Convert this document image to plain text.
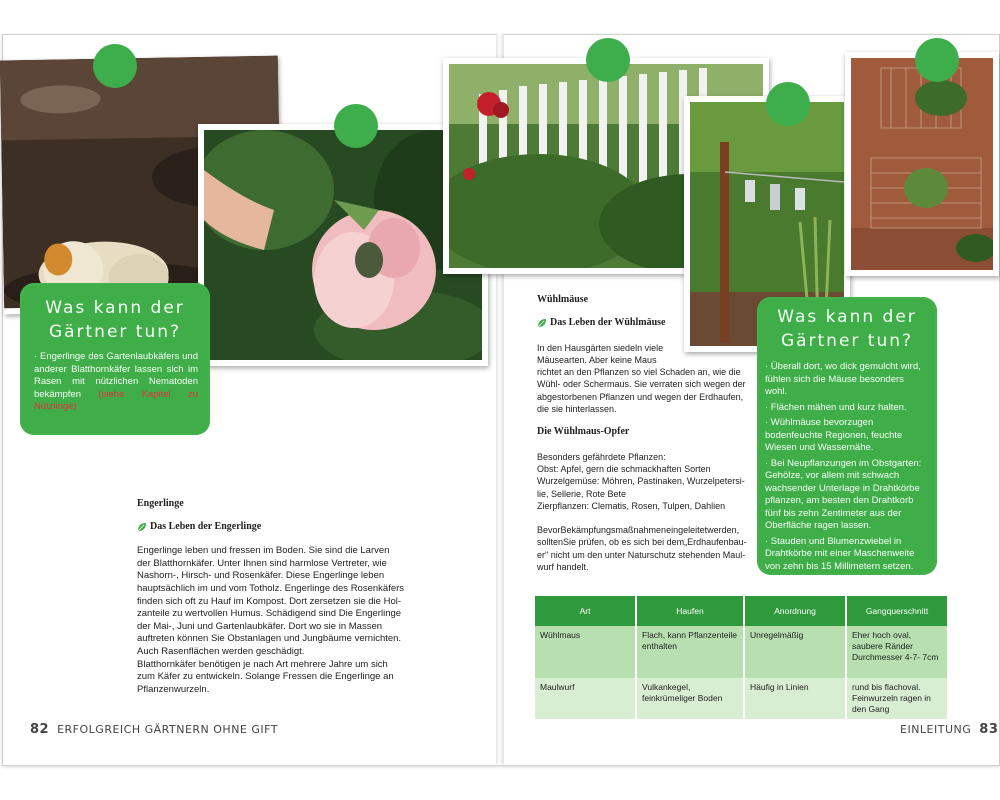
Was kann der
Gärtner tun?
· Engerlinge des Gartenlaubkäfers und anderer Blatthornkäfer lassen sich im Rasen mit nützlichen Nematoden bekämpfen (siehe Kapitel zu Nützlinge)
Engerlinge
Das Leben der Engerlinge
Engerlinge leben und fressen im Boden. Sie sind die Larven
der Blatthornkäfer. Unter Ihnen sind harmlose Vertreter, wie
Nashorn-, Hirsch- und Rosenkäfer. Diese Engerlinge leben
hauptsächlich im und vom Totholz. Engerlinge des Rosenkäfers
finden sich oft zu Hauf im Kompost. Dort zersetzen sie die Hol-
zanteile zu wertvollen Humus. Schädigend sind Die Engerlinge
der Mai-, Juni und Gartenlaubkäfer. Dort wo sie in Massen
auftreten können Sie Obstanlagen und Jungbäume vernichten.
Auch Rasenflächen werden geschädigt.
Blatthornkäfer benötigen je nach Art mehrere Jahre um sich
zum Käfer zu entwickeln. Solange Fressen die Engerlinge an
Pflanzenwurzeln.
82 ERFOLGREICH GÄRTNERN OHNE GIFT
Wühlmäuse
Das Leben der Wühlmäuse
In den Hausgärten siedeln viele
Mäusearten. Aber keine Maus
richtet an den Pflanzen so viel Schaden an, wie die
Wühl- oder Schermaus. Sie verraten sich wegen der
abgestorbenen Pflanzen und wegen der Erdhaufen,
die sie hinterlassen.
Die Wühlmaus-Opfer
Besonders gefährdete Pflanzen:
Obst: Apfel, gern die schmackhaften Sorten
Wurzelgemüse: Möhren, Pastinaken, Wurzelpetersi-
lie, Sellerie, Rote Bete
Zierpflanzen: Clematis, Rosen, Tulpen, Dahlien
BevorBekämpfungsmaßnahmeneingeleitetwerden,
solltenSie prüfen, ob es sich bei dem„Erdhaufenbau-
er" nicht um den unter Naturschutz stehenden Maul-
wurf handelt.
Was kann der
Gärtner tun?

· Überall dort, wo dick gemulcht wird, fühlen sich die Mäuse besonders wohl.

· Flächen mähen und kurz halten.

· Wühlmäuse bevorzugen bodenfeuchte Regionen, feuchte Wiesen und Wassernähe.

· Bei Neupflanzungen im Obstgarten: Gehölze, vor allem mit schwach wachsender Unterlage in Drahtkörbe pflanzen, am besten den Drahtkorb fünf bis zehn Zentimeter aus der Oberfläche ragen lassen.

· Stauden und Blumenzwiebel in Drahtkörbe mit einer Maschenweite von zehn bis 15 Millimetern setzen.

Art	Haufen	Anordnung	Gangquerschnitt
Wühlmaus	Flach, kann Pflanzenteile enthalten	Unregelmäßig	Eher hoch oval, saubere Ränder Durchmesser 4-7- 7cm
Maulwurf	Vulkankegel, feinkrümeliger Boden	Häufig in Linien	rund bis flachoval. Feinwurzeln ragen in den Gang
EINLEITUNG 83
